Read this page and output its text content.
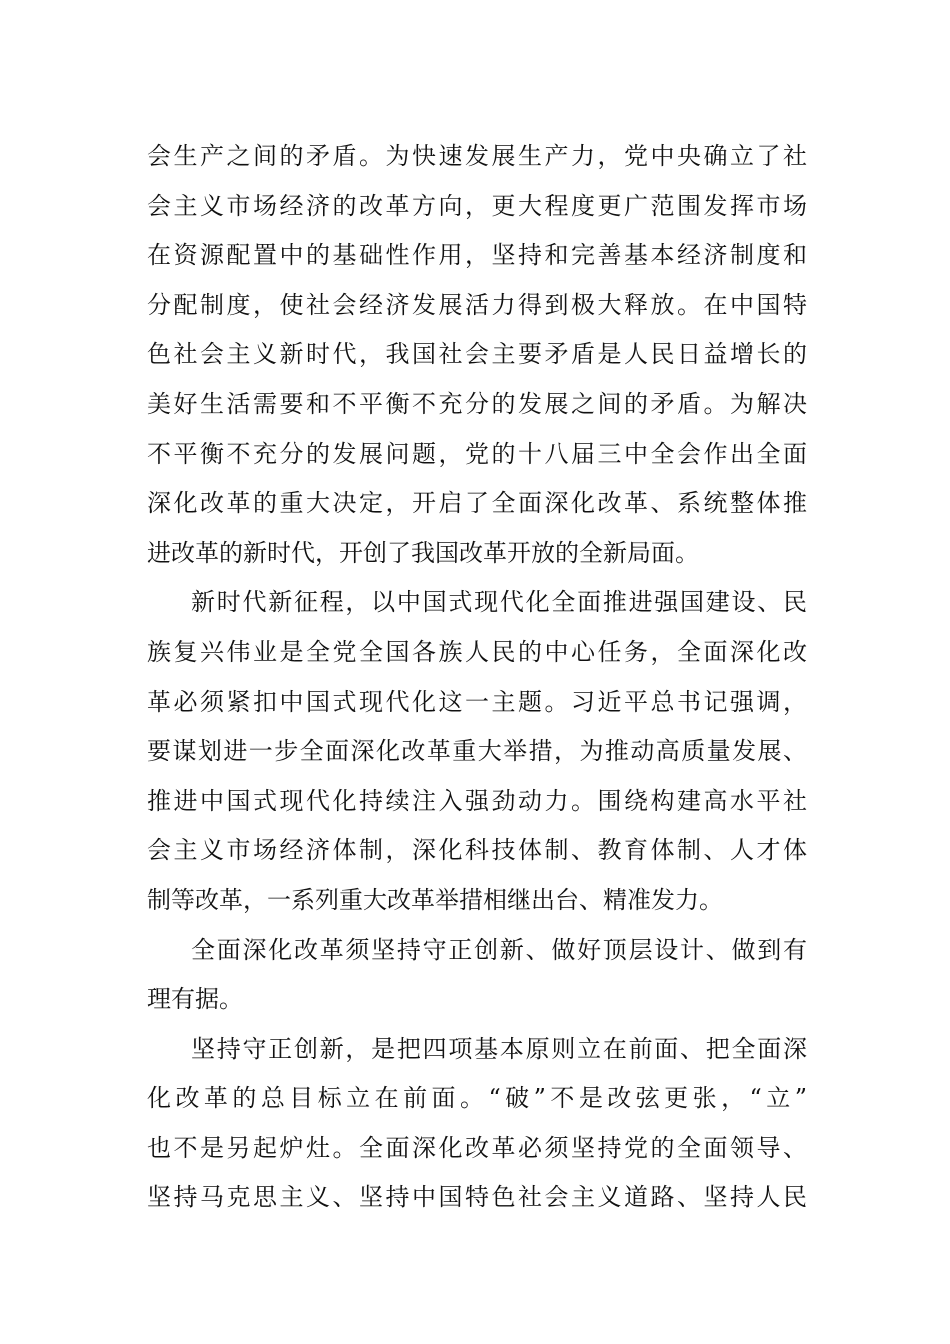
会生产之间的矛盾。为快速发展生产力，党中央确立了社
会主义市场经济的改革方向，更大程度更广范围发挥市场
在资源配置中的基础性作用，坚持和完善基本经济制度和
分配制度，使社会经济发展活力得到极大释放。在中国特
色社会主义新时代，我国社会主要矛盾是人民日益增长的
美好生活需要和不平衡不充分的发展之间的矛盾。为解决
不平衡不充分的发展问题，党的十八届三中全会作出全面
深化改革的重大决定，开启了全面深化改革、系统整体推
进改革的新时代，开创了我国改革开放的全新局面。
新时代新征程，以中国式现代化全面推进强国建设、民
族复兴伟业是全党全国各族人民的中心任务，全面深化改
革必须紧扣中国式现代化这一主题。习近平总书记强调，
要谋划进一步全面深化改革重大举措，为推动高质量发展、
推进中国式现代化持续注入强劲动力。围绕构建高水平社
会主义市场经济体制，深化科技体制、教育体制、人才体
制等改革，一系列重大改革举措相继出台、精准发力。
全面深化改革须坚持守正创新、做好顶层设计、做到有
理有据。
坚持守正创新，是把四项基本原则立在前面、把全面深
化改革的总目标立在前面。“破”不是改弦更张，“立”
也不是另起炉灶。全面深化改革必须坚持党的全面领导、
坚持马克思主义、坚持中国特色社会主义道路、坚持人民
